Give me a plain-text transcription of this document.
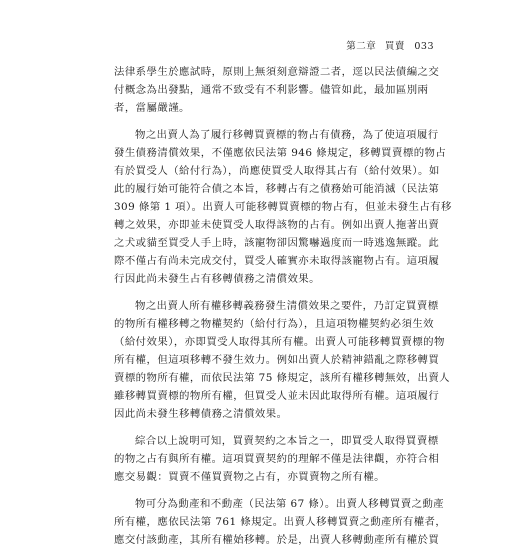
第二章 買賣 033
法律系學生於應試時，原則上無須刻意辯證二者，逕以民法債編之交
付概念為出發點，通常不致受有不利影響。儘管如此，最加區別兩
者，當屬嚴謹。
物之出賣人為了履行移轉買賣標的物占有債務，為了使這項履行
發生債務清償效果，不僅應依民法第 946 條規定，移轉買賣標的物占
有於買受人（給付行為），尚應使買受人取得其占有（給付效果）。如
此的履行始可能符合債之本旨，移轉占有之債務始可能消滅（民法第
309 條第 1 項）。出賣人可能移轉買賣標的物占有，但並未發生占有移
轉之效果，亦即並未使買受人取得該物的占有。例如出賣人拖著出賣
之犬或貓至買受人手上時，該寵物卻因驚嚇過度而一時逃逸無蹤。此
際不僅占有尚未完成交付，買受人確實亦未取得該寵物占有。這項履
行因此尚未發生占有移轉債務之清償效果。
物之出賣人所有權移轉義務發生清償效果之要件，乃訂定買賣標
的物所有權移轉之物權契約（給付行為），且這項物權契約必須生效
（給付效果），亦即買受人取得其所有權。出賣人可能移轉買賣標的物
所有權，但這項移轉不發生效力。例如出賣人於精神錯亂之際移轉買
賣標的物所有權，而依民法第 75 條規定，該所有權移轉無效，出賣人
雖移轉買賣標的物所有權，但買受人並未因此取得所有權。這項履行
因此尚未發生移轉債務之清償效果。
綜合以上說明可知，買賣契約之本旨之一，即買受人取得買賣標
的物之占有與所有權。這項買賣契約的理解不僅是法律觀，亦符合相
應交易觀：買賣不僅買賣物之占有，亦買賣物之所有權。
物可分為動產和不動產（民法第 67 條）。出賣人移轉買賣之動產
所有權，應依民法第 761 條規定。出賣人移轉買賣之動產所有權者，
應交付該動產，其所有權始移轉。於是，出賣人移轉動產所有權於買
